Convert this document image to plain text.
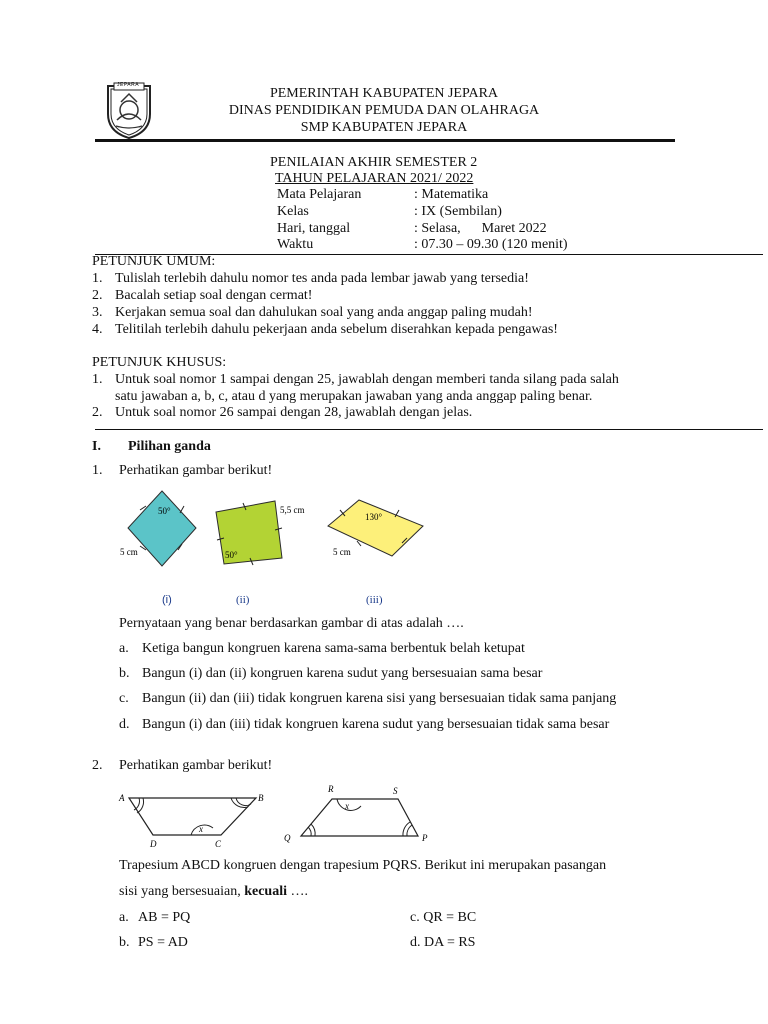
JEPARA
PEMERINTAH KABUPATEN JEPARA
DINAS PENDIDIKAN PEMUDA DAN OLAHRAGA
SMP KABUPATEN JEPARA
PENILAIAN AKHIR SEMESTER 2
TAHUN PELAJARAN 2021/ 2022
Mata Pelajaran	: Matematika
Kelas	: IX (Sembilan)
Hari, tanggal	: Selasa,      Maret 2022
Waktu	: 07.30 – 09.30 (120 menit)
PETUNJUK UMUM:
1. Tulislah terlebih dahulu nomor tes anda pada lembar jawab yang tersedia!
2. Bacalah setiap soal dengan cermat!
3. Kerjakan semua soal dan dahulukan soal yang anda anggap paling mudah!
4. Telitilah terlebih dahulu pekerjaan anda sebelum diserahkan kepada pengawas!
PETUNJUK KHUSUS:
1. Untuk soal nomor 1 sampai dengan 25, jawablah dengan memberi tanda silang pada salah
satu jawaban a, b, c, atau d yang merupakan jawaban yang anda anggap paling benar.
2. Untuk soal nomor 26 sampai dengan 28, jawablah dengan jelas.
I. Pilihan ganda
1. Perhatikan gambar berikut!
50°
5 cm
5,5 cm
50°
130°
5 cm
(i)	(ii)	(iii)
Pernyataan yang benar berdasarkan gambar di atas adalah ….
a. Ketiga bangun kongruen karena sama-sama berbentuk belah ketupat
b. Bangun (i) dan (ii) kongruen karena sudut yang bersesuaian sama besar
c. Bangun (ii) dan (iii) tidak kongruen karena sisi yang bersesuaian tidak sama panjang
d. Bangun (i) dan (iii) tidak kongruen karena sudut yang bersesuaian tidak sama besar
2. Perhatikan gambar berikut!
A	B
D	C
x
R	S
Q	P
x
Trapesium ABCD kongruen dengan trapesium PQRS. Berikut ini merupakan pasangan
sisi yang bersesuaian, kecuali ….
a. AB = PQ	c. QR = BC
b. PS = AD	d. DA = RS
